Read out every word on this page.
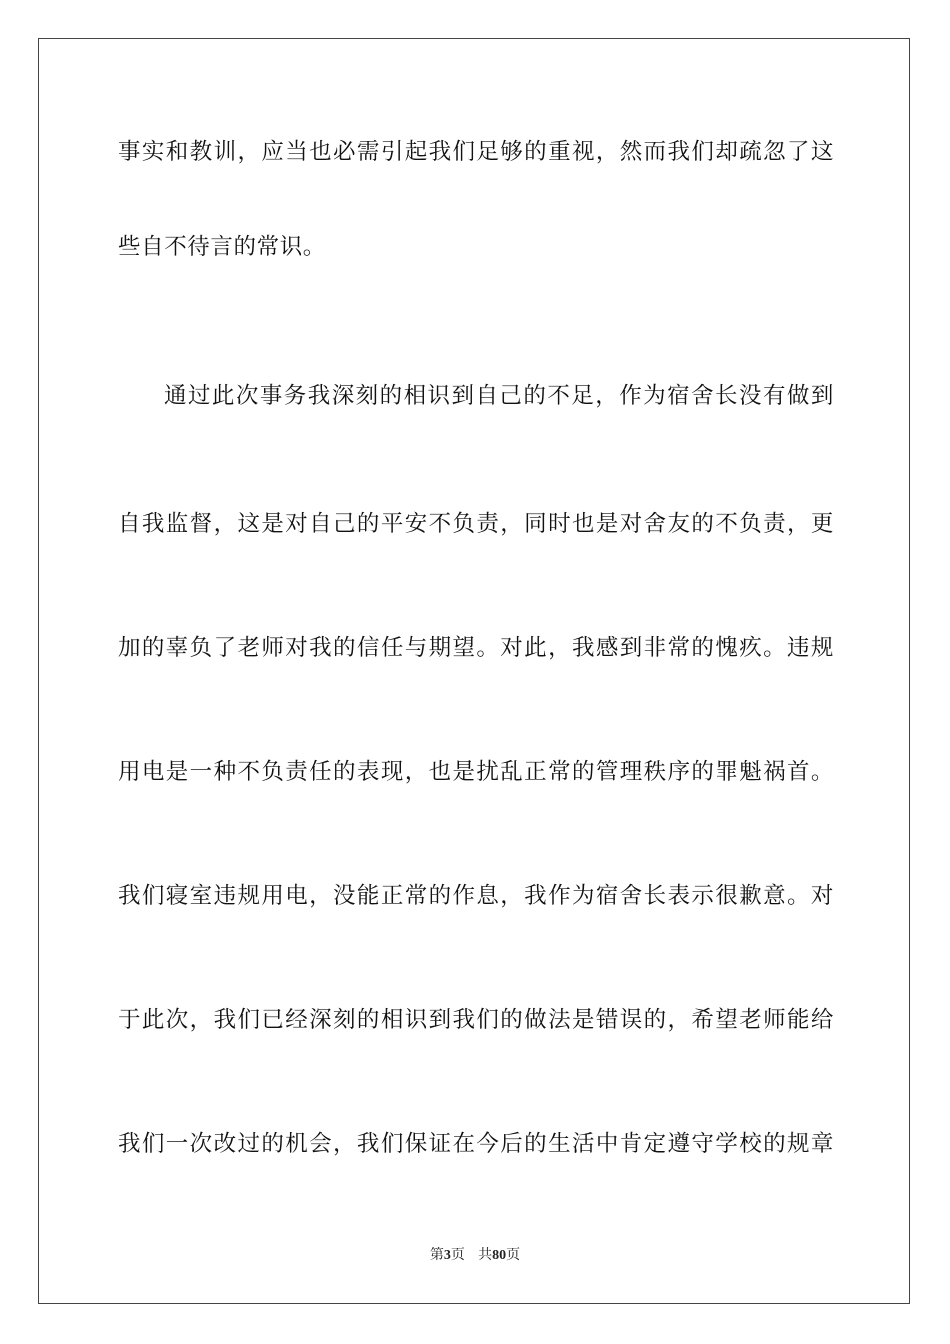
事实和教训，应当也必需引起我们足够的重视，然而我们却疏忽了这
些自不待言的常识。
通过此次事务我深刻的相识到自己的不足，作为宿舍长没有做到
自我监督，这是对自己的平安不负责，同时也是对舍友的不负责，更
加的辜负了老师对我的信任与期望。对此，我感到非常的愧疚。违规
用电是一种不负责任的表现，也是扰乱正常的管理秩序的罪魁祸首。
我们寝室违规用电，没能正常的作息，我作为宿舍长表示很歉意。对
于此次，我们已经深刻的相识到我们的做法是错误的，希望老师能给
我们一次改过的机会，我们保证在今后的生活中肯定遵守学校的规章
第3页 共80页
